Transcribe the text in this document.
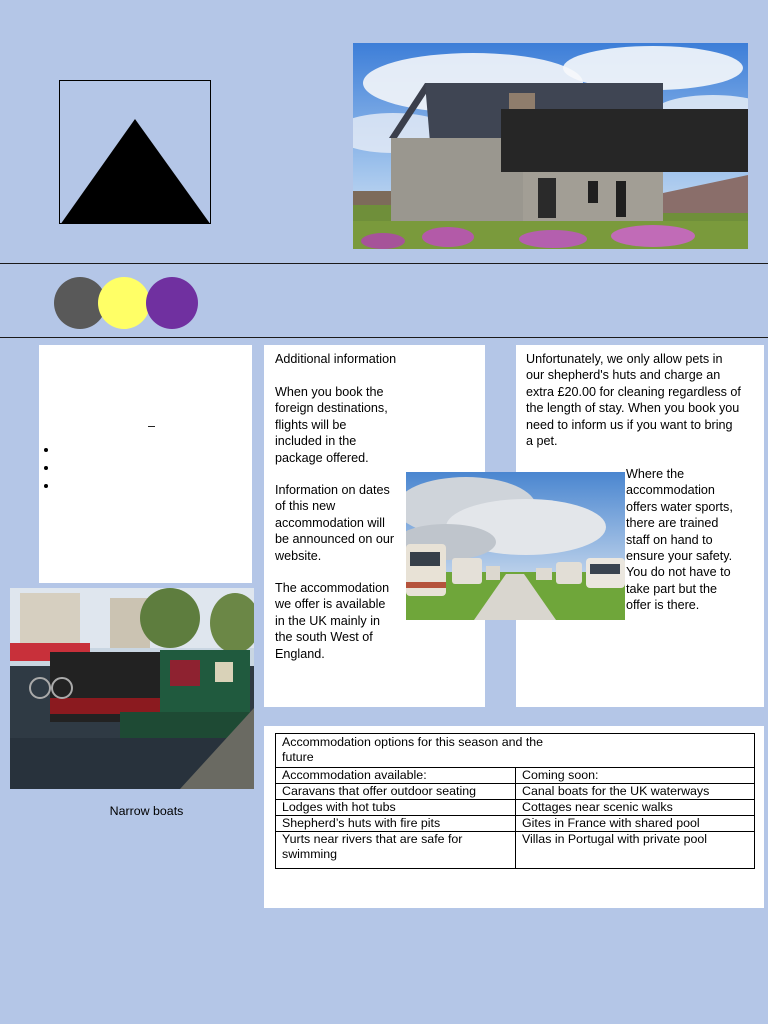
–
Additional information
When you book the
foreign destinations,
flights will be
included in the
package offered.
Information on dates
of this new
accommodation will
be announced on our
website.
The accommodation
we offer is available
in the UK mainly in
the south West of
England.
Unfortunately, we only allow pets in
our shepherd's huts and charge an
extra £20.00 for cleaning regardless of
the length of stay. When you book you
need to inform us if you want to bring
a pet.
Where the
accommodation
offers water sports,
there are trained
staff on hand to
ensure your safety.
You do not have to
take part but the
offer is there.
Narrow boats
Accommodation options for this season and the
future	
Accommodation available:	Coming soon:
Caravans that offer outdoor seating	Canal boats for the UK waterways
Lodges with hot tubs	Cottages near scenic walks
Shepherd’s huts with fire pits	Gites in France with shared pool
Yurts near rivers that are safe for
swimming	Villas in Portugal with private pool
